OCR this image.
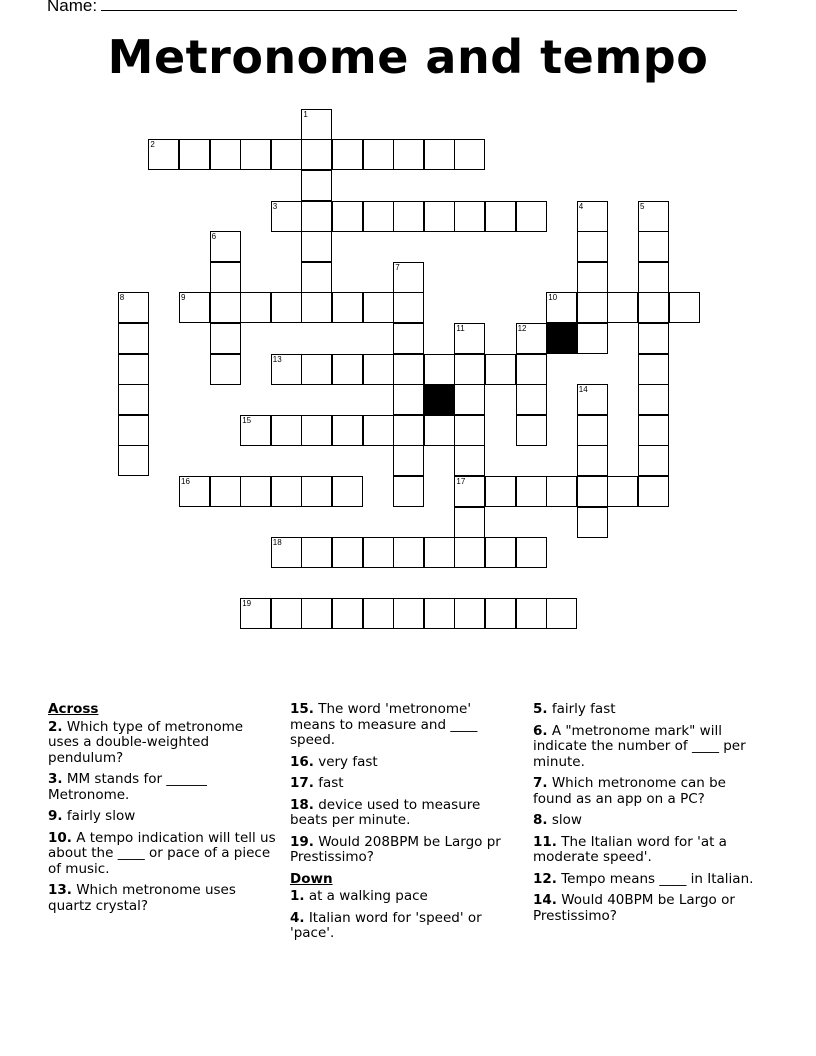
Name:
Metronome and tempo
1
2
3	4	5
6
7
8	9	10
11	12
13
14
15
16	17
18
19
Across
2. Which type of metronome uses a double-weighted pendulum?
3. MM stands for ______ Metronome.
9. fairly slow
10. A tempo indication will tell us about the ____ or pace of a piece of music.
13. Which metronome uses quartz crystal?
15. The word 'metronome' means to measure and ____ speed.
16. very fast
17. fast
18. device used to measure beats per minute.
19. Would 208BPM be Largo pr Prestissimo?
Down
1. at a walking pace
4. Italian word for 'speed' or 'pace'.
5. fairly fast
6. A "metronome mark" will indicate the number of ____ per minute.
7. Which metronome can be found as an app on a PC?
8. slow
11. The Italian word for 'at a moderate speed'.
12. Tempo means ____ in Italian.
14. Would 40BPM be Largo or Prestissimo?
